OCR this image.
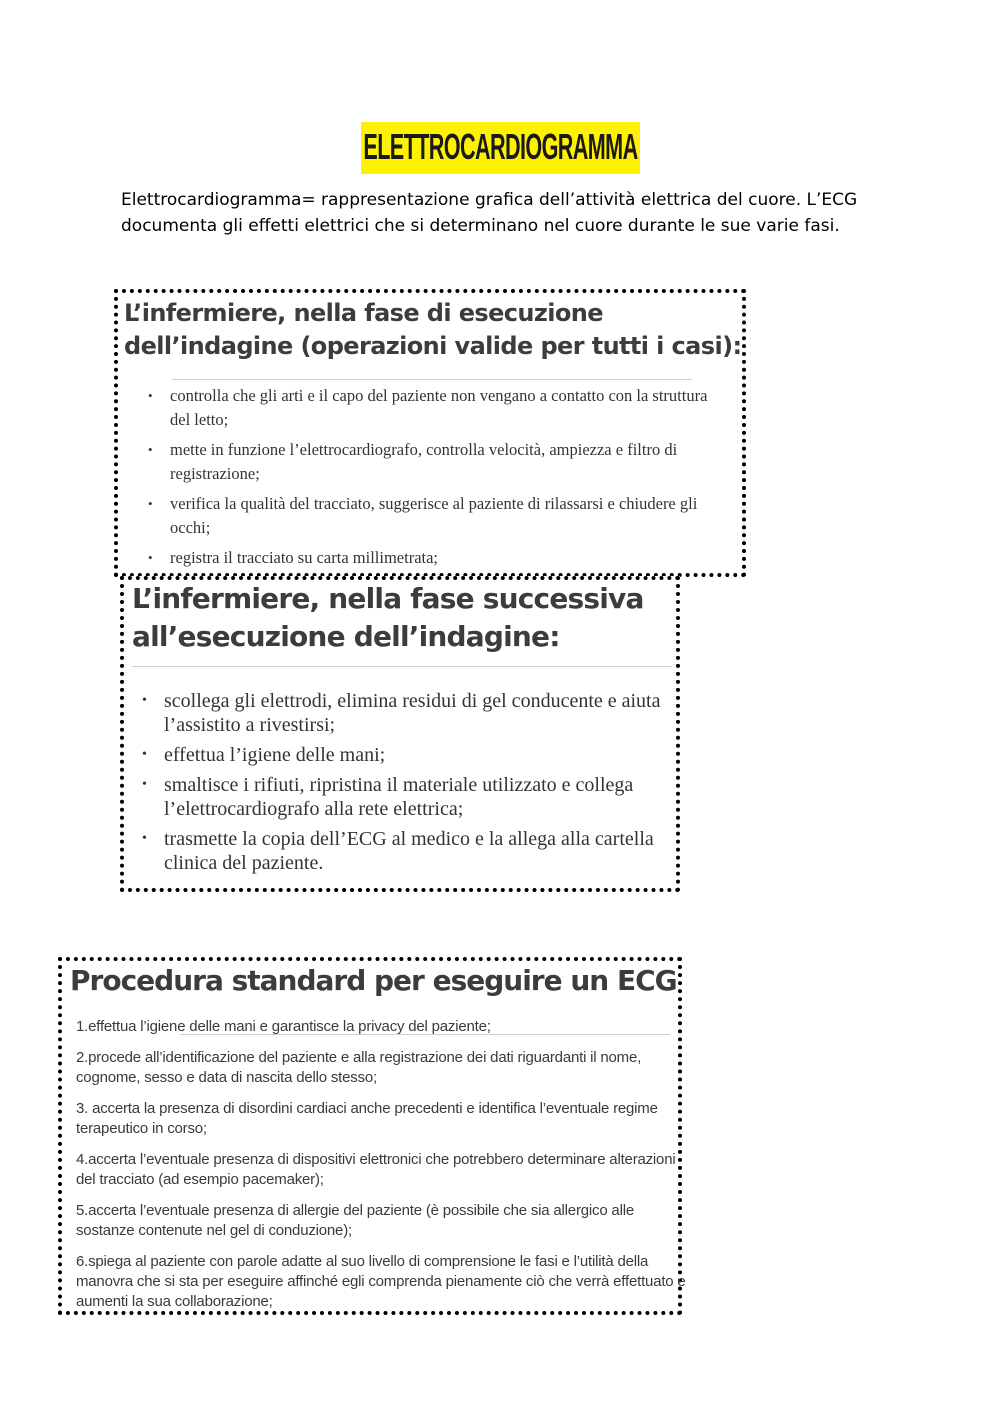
ELETTROCARDIOGRAMMA
Elettrocardiogramma= rappresentazione grafica dell’attività elettrica del cuore. L’ECG documenta gli effetti elettrici che si determinano nel cuore durante le sue varie fasi.
L’infermiere, nella fase di esecuzione dell’indagine (operazioni valide per tutti i casi):
• controlla che gli arti e il capo del paziente non vengano a contatto con la struttura del letto;
• mette in funzione l’elettrocardiografo, controlla velocità, ampiezza e filtro di registrazione;
• verifica la qualità del tracciato, suggerisce al paziente di rilassarsi e chiudere gli occhi;
• registra il tracciato su carta millimetrata;
L’infermiere, nella fase successiva all’esecuzione dell’indagine:
• scollega gli elettrodi, elimina residui di gel conducente e aiuta l’assistito a rivestirsi;
• effettua l’igiene delle mani;
• smaltisce i rifiuti, ripristina il materiale utilizzato e collega l’elettrocardiografo alla rete elettrica;
• trasmette la copia dell’ECG al medico e la allega alla cartella clinica del paziente.
Procedura standard per eseguire un ECG
1.effettua l’igiene delle mani e garantisce la privacy del paziente;
2.procede all’identificazione del paziente e alla registrazione dei dati riguardanti il nome, cognome, sesso e data di nascita dello stesso;
3. accerta la presenza di disordini cardiaci anche precedenti e identifica l’eventuale regime terapeutico in corso;
4.accerta l’eventuale presenza di dispositivi elettronici che potrebbero determinare alterazioni del tracciato (ad esempio pacemaker);
5.accerta l’eventuale presenza di allergie del paziente (è possibile che sia allergico alle sostanze contenute nel gel di conduzione);
6.spiega al paziente con parole adatte al suo livello di comprensione le fasi e l’utilità della manovra che si sta per eseguire affinché egli comprenda pienamente ciò che verrà effettuato e aumenti la sua collaborazione;
